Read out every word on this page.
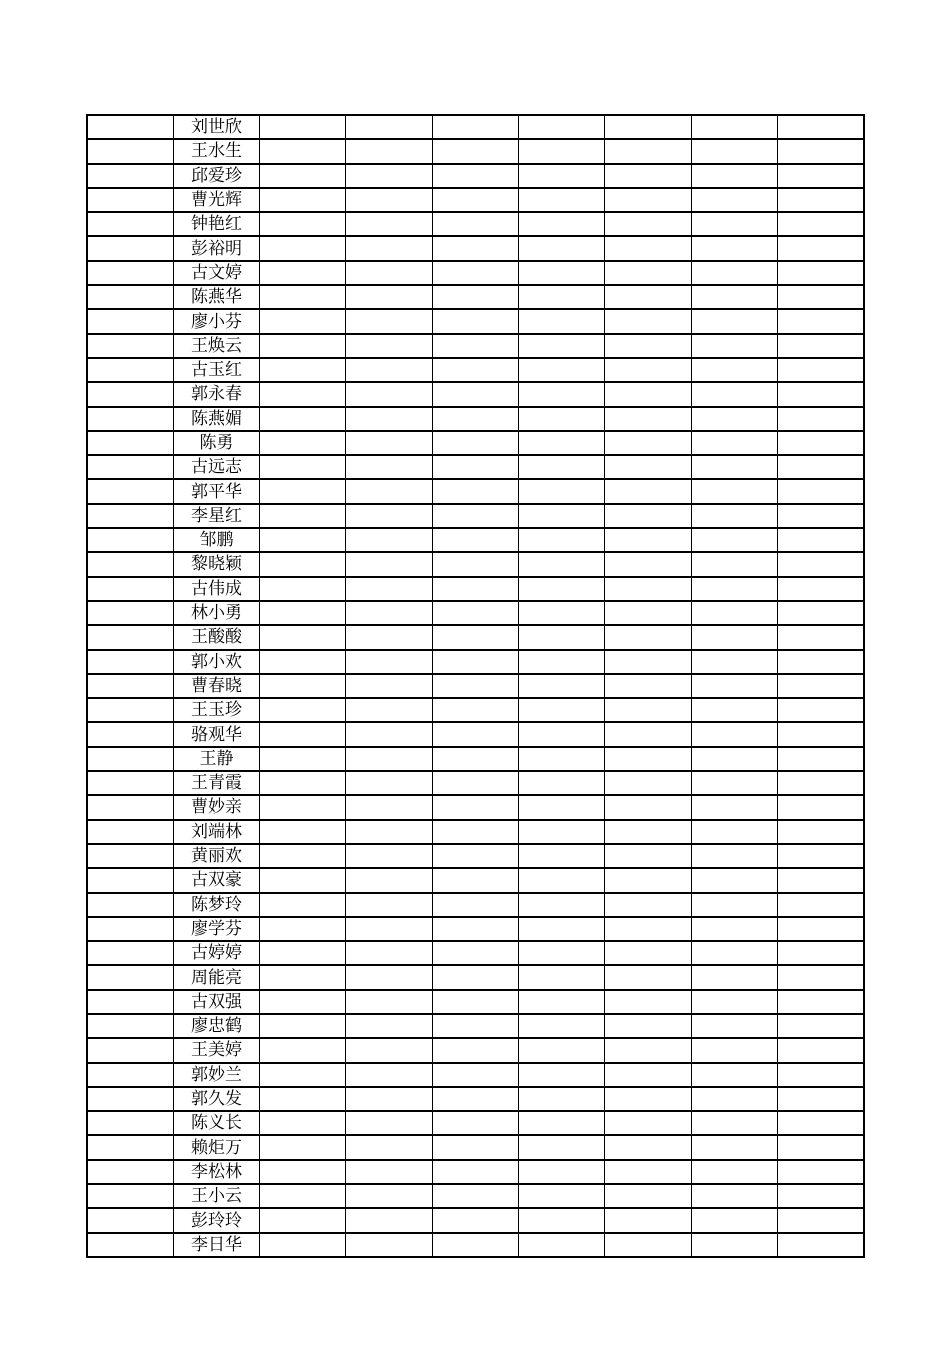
	刘世欣							
	王水生							
	邱爱珍							
	曹光辉							
	钟艳红							
	彭裕明							
	古文婷							
	陈燕华							
	廖小芬							
	王焕云							
	古玉红							
	郭永春							
	陈燕媚							
	陈勇							
	古远志							
	郭平华							
	李星红							
	邹鹏							
	黎晓颖							
	古伟成							
	林小勇							
	王酸酸							
	郭小欢							
	曹春晓							
	王玉珍							
	骆观华							
	王静							
	王青霞							
	曹妙亲							
	刘端林							
	黄丽欢							
	古双豪							
	陈梦玲							
	廖学芬							
	古婷婷							
	周能亮							
	古双强							
	廖忠鹤							
	王美婷							
	郭妙兰							
	郭久发							
	陈义长							
	赖炬万							
	李松林							
	王小云							
	彭玲玲							
	李日华							
